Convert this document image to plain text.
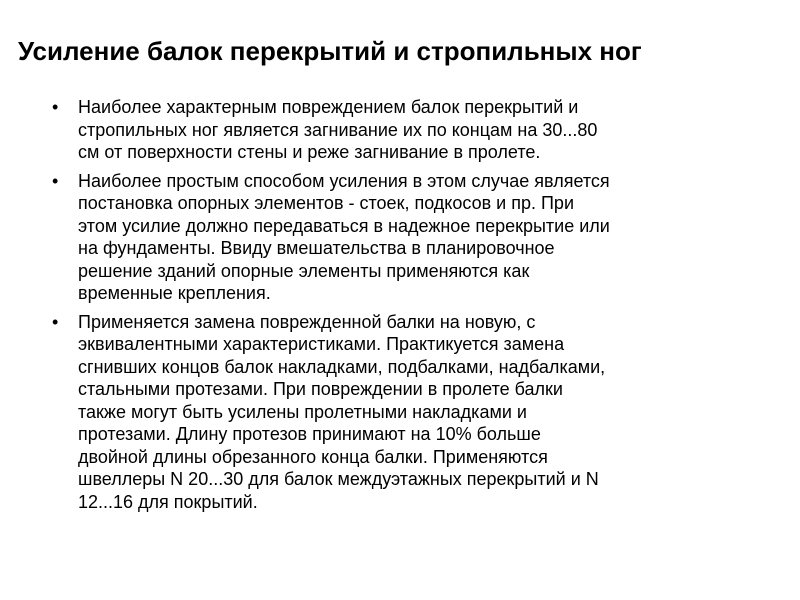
Усиление балок перекрытий и стропильных ног
• Наиболее характерным повреждением балок перекрытий и
стропильных ног является загнивание их по концам на 30...80
см от поверхности стены и реже загнивание в пролете.
• Наиболее простым способом усиления в этом случае является
постановка опорных элементов - стоек, подкосов и пр. При
этом усилие должно передаваться в надежное перекрытие или
на фундаменты. Ввиду вмешательства в планировочное
решение зданий опорные элементы применяются как
временные крепления.
• Применяется замена поврежденной балки на новую, с
эквивалентными характеристиками. Практикуется замена
сгнивших концов балок накладками, подбалками, надбалками,
стальными протезами. При повреждении в пролете балки
также могут быть усилены пролетными накладками и
протезами. Длину протезов принимают на 10% больше
двойной длины обрезанного конца балки. Применяются
швеллеры N 20...30 для балок междуэтажных перекрытий и N
12...16 для покрытий.
